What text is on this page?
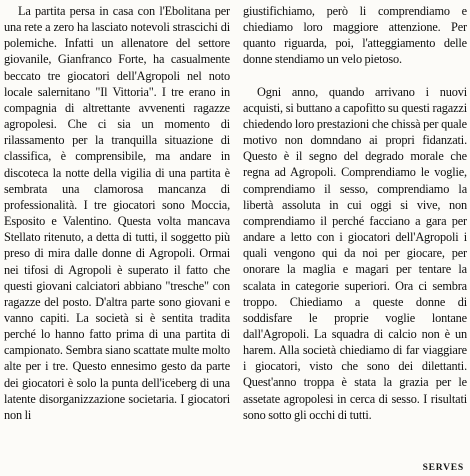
La partita persa in casa con l'Ebolitana per una rete a zero ha lasciato notevoli strascichi di polemiche. Infatti un allenatore del settore giovanile, Gianfranco Forte, ha casualmente beccato tre giocatori dell'Agropoli nel noto locale salernitano "Il Vittoria". I tre erano in compagnia di altrettante avvenenti ragazze agropolesi. Che ci sia un momento di rilassamento per la tranquilla situazione di classifica, è comprensibile, ma andare in discoteca la notte della vigilia di una partita è sembrata una clamorosa mancanza di professionalità. I tre giocatori sono Moccia, Esposito e Valentino. Questa volta mancava Stellato ritenuto, a detta di tutti, il soggetto più preso di mira dalle donne di Agropoli. Ormai nei tifosi di Agropoli è superato il fatto che questi giovani calciatori abbiano "tresche" con ragazze del posto. D'altra parte sono giovani e vanno capiti. La società si è sentita tradita perché lo hanno fatto prima di una partita di campionato. Sembra siano scattate multe molto alte per i tre. Questo ennesimo gesto da parte dei giocatori è solo la punta dell'iceberg di una latente disorganizzazione societaria. I giocatori non li

giustifichiamo, però li comprendiamo e chiediamo loro maggiore attenzione. Per quanto riguarda, poi, l'atteggiamento delle donne stendiamo un velo pietoso.

Ogni anno, quando arrivano i nuovi acquisti, si buttano a capofitto su questi ragazzi chiedendo loro prestazioni che chissà per quale motivo non domndano ai propri fidanzati. Questo è il segno del degrado morale che regna ad Agropoli. Comprendiamo le voglie, comprendiamo il sesso, comprendiamo la libertà assoluta in cui oggi si vive, non comprendiamo il perché facciano a gara per andare a letto con i giocatori dell'Agropoli i quali vengono qui da noi per giocare, per onorare la maglia e magari per tentare la scalata in categorie superiori. Ora ci sembra troppo. Chiediamo a queste donne di soddisfare le proprie voglie lontane dall'Agropoli. La squadra di calcio non è un harem. Alla società chiediamo di far viaggiare i giocatori, visto che sono dei dilettanti. Quest'anno troppa è stata la grazia per le assetate agropolesi in cerca di sesso. I risultati sono sotto gli occhi di tutti.

SERVES
